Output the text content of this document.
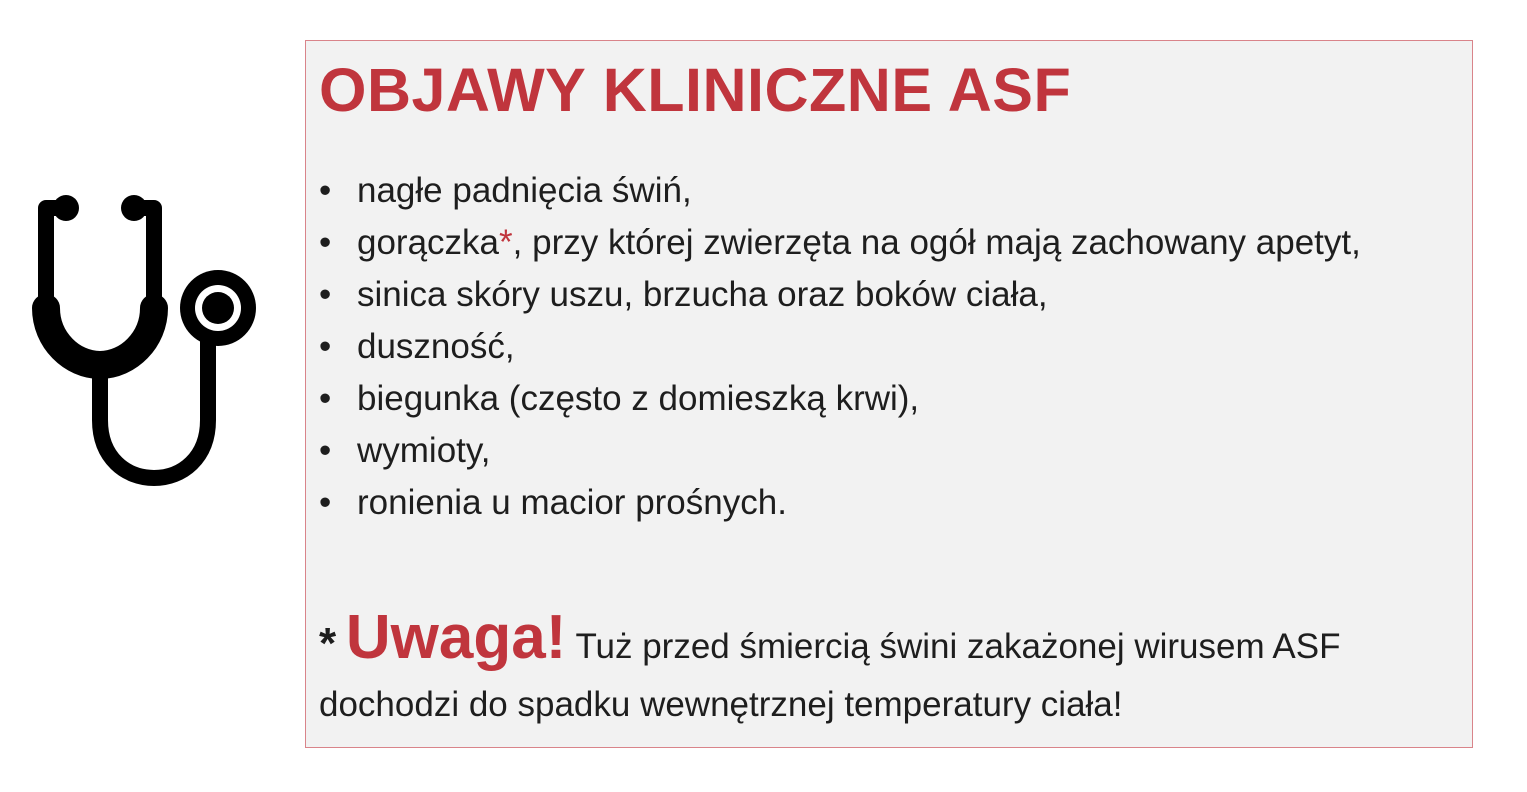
OBJAWY KLINICZNE ASF
• nagłe padnięcia świń,
• gorączka*, przy której zwierzęta na ogół mają zachowany apetyt,
• sinica skóry uszu, brzucha oraz boków ciała,
• duszność,
• biegunka (często z domieszką krwi),
• wymioty,
• ronienia u macior prośnych.

* Uwaga! Tuż przed śmiercią świni zakażonej wirusem ASF dochodzi do spadku wewnętrznej temperatury ciała!
